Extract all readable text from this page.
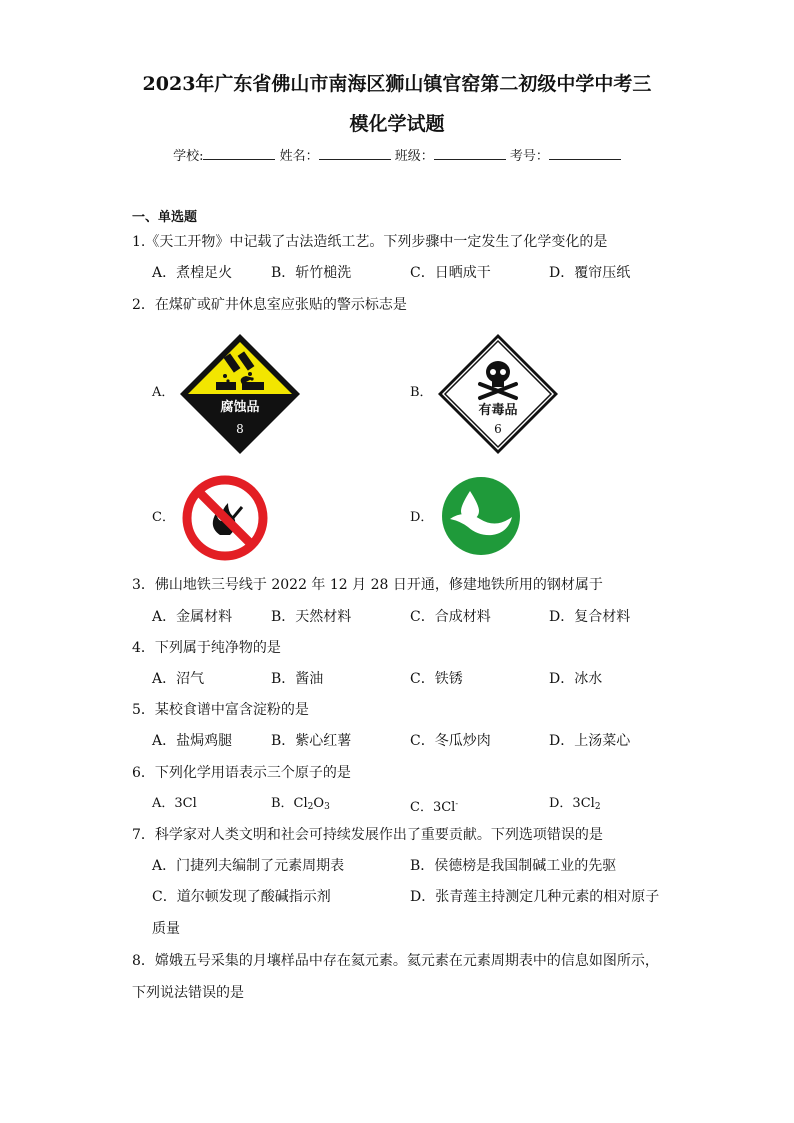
2023年广东省佛山市南海区狮山镇官窑第二初级中学中考三
模化学试题
学校:	姓名：	班级：	考号：
一、单选题
1.《天工开物》中记载了古法造纸工艺。下列步骤中一定发生了化学变化的是
A．煮楻足火	B．斩竹槌洗	C．日晒成干	D．覆帘压纸
2．在煤矿或矿井休息室应张贴的警示标志是
A．
腐蚀品
8
B．
有毒品
6
C．	D．
3．佛山地铁三号线于 2022 年 12 月 28 日开通，修建地铁所用的钢材属于
A．金属材料	B．天然材料	C．合成材料	D．复合材料
4．下列属于纯净物的是
A．沼气	B．酱油	C．铁锈	D．冰水
5．某校食谱中富含淀粉的是
A．盐焗鸡腿	B．紫心红薯	C．冬瓜炒肉	D．上汤菜心
6．下列化学用语表示三个原子的是
A．3Cl	B．$Cl_2O_3$	C．3Cl-	D．$3Cl_2$
7．科学家对人类文明和社会可持续发展作出了重要贡献。下列选项错误的是
A．门捷列夫编制了元素周期表	B．侯德榜是我国制碱工业的先驱
C．道尔顿发现了酸碱指示剂	D．张青莲主持测定几种元素的相对原子
质量
8．嫦娥五号采集的月壤样品中存在氦元素。氦元素在元素周期表中的信息如图所示，
下列说法错误的是
